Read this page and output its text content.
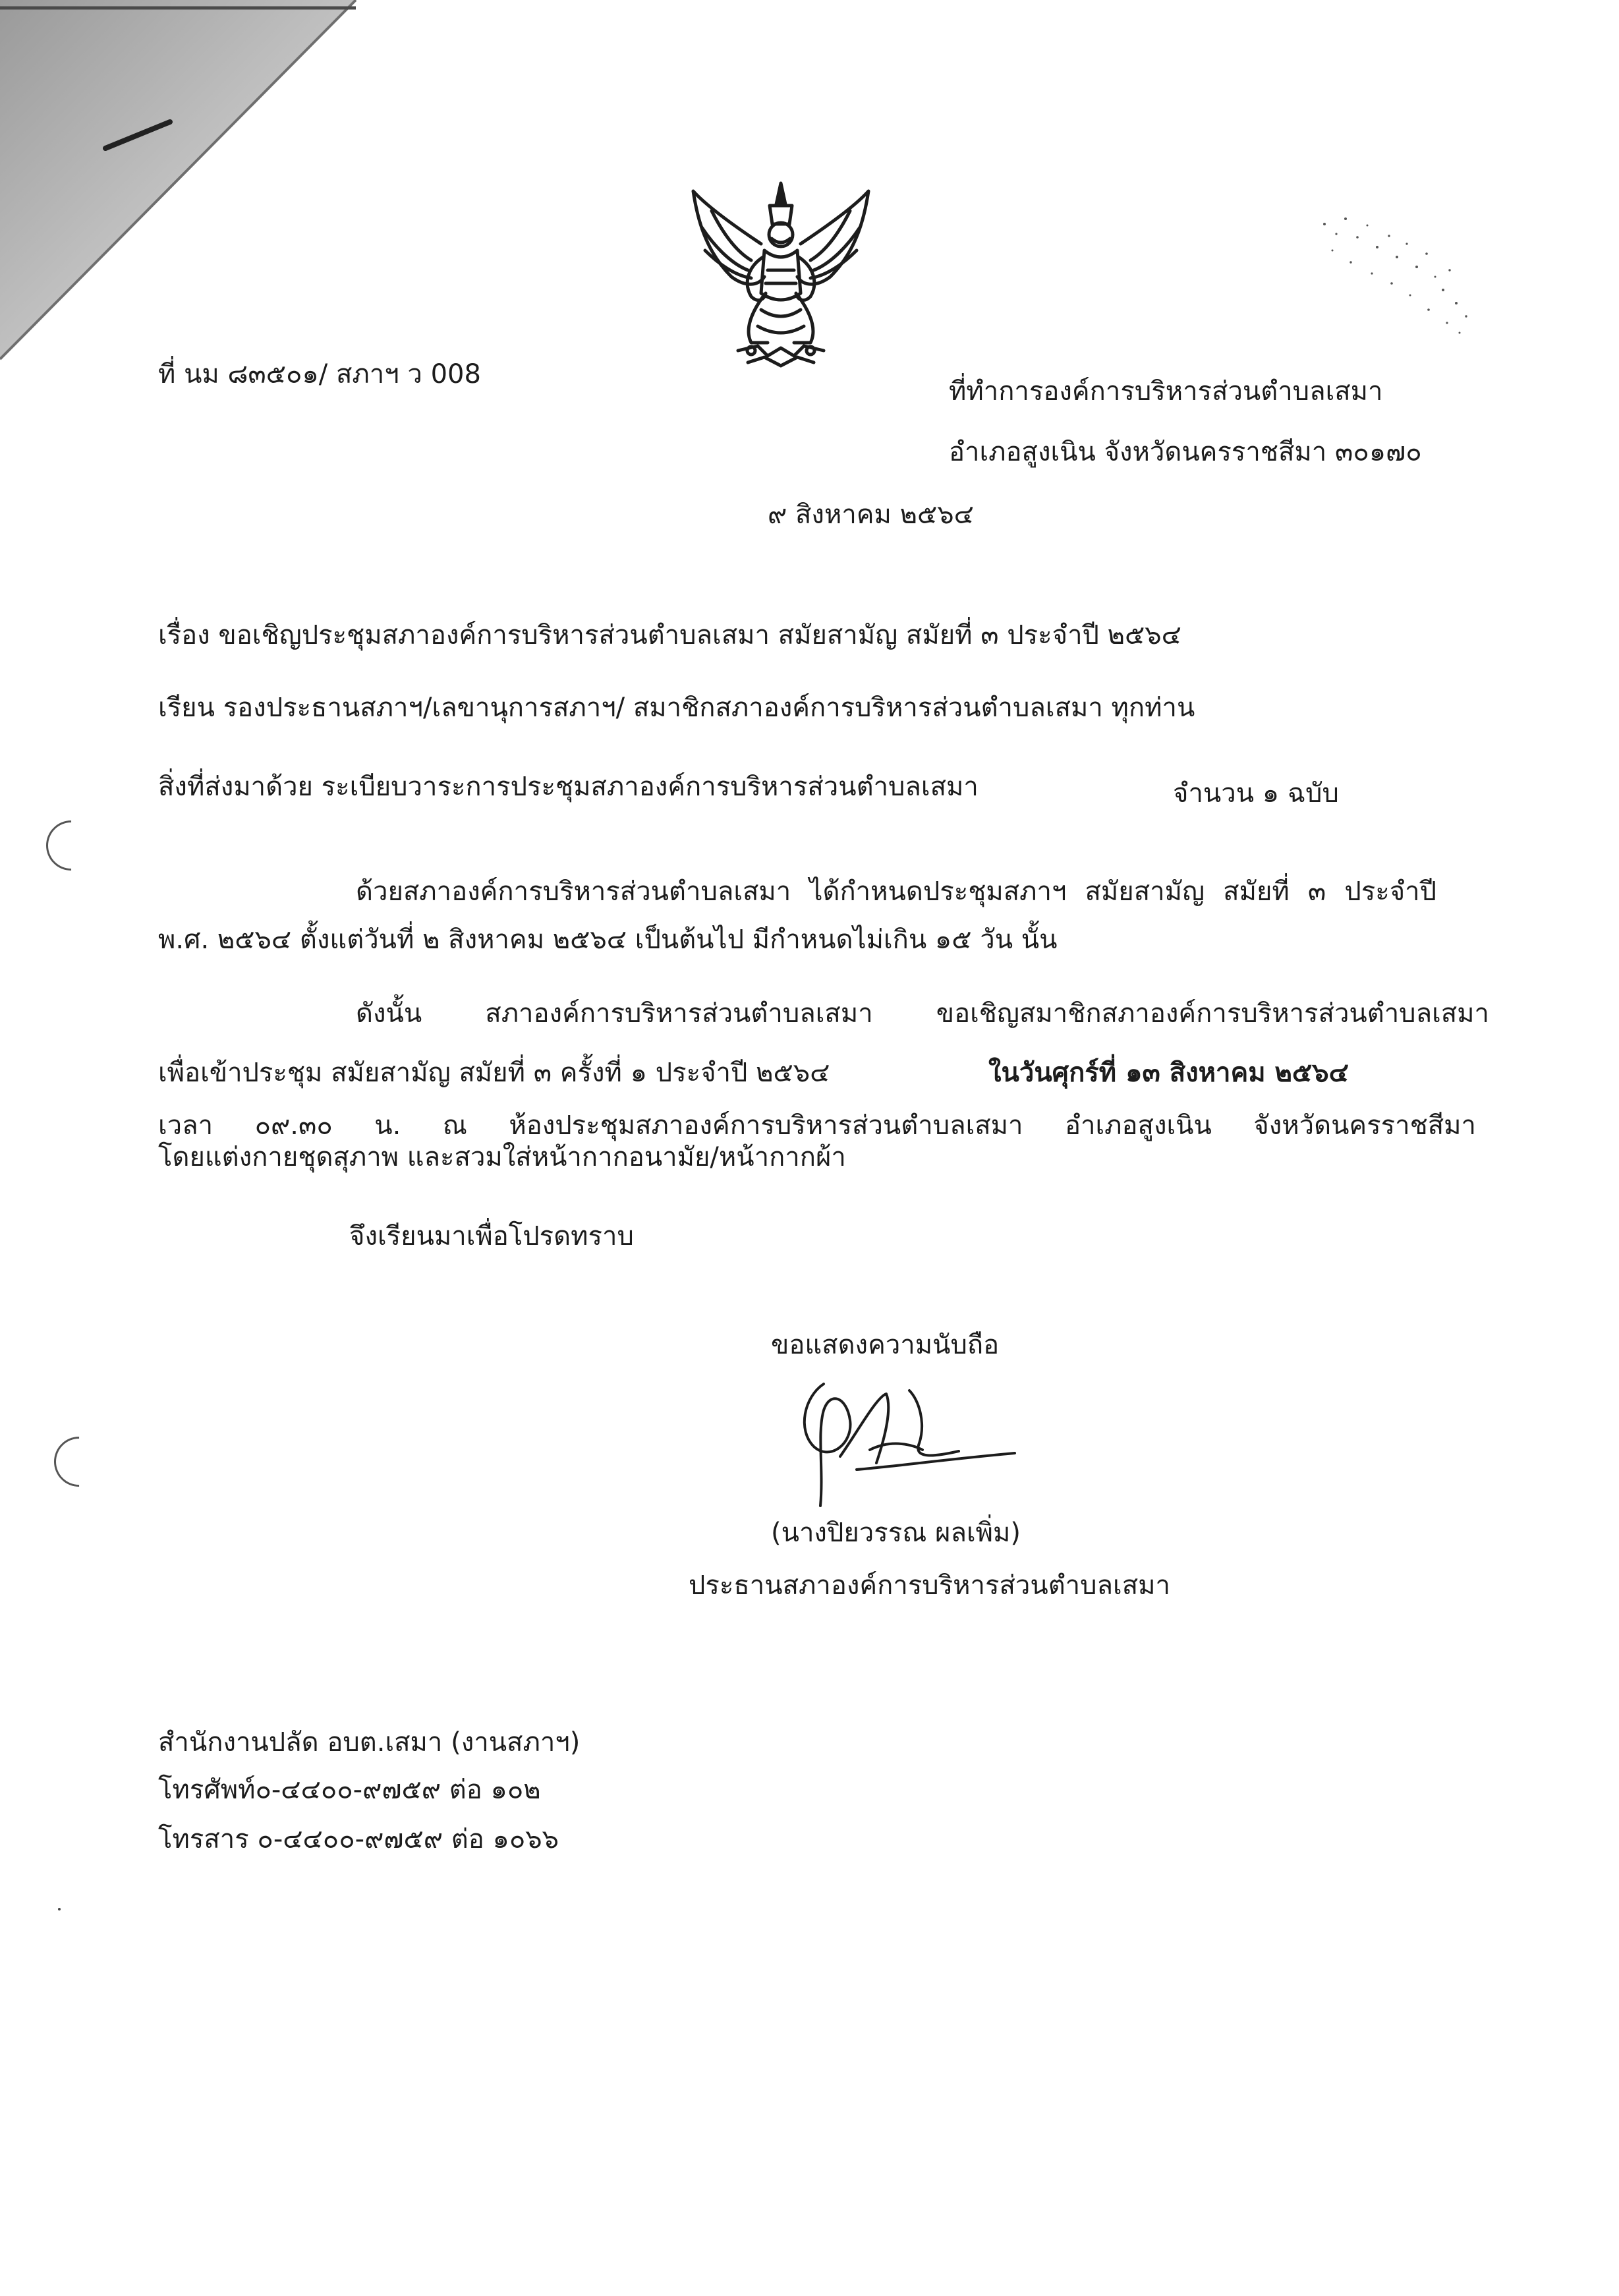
ที่ นม ๘๓๕๐๑/ สภาฯ ว 008
ที่ทำการองค์การบริหารส่วนตำบลเสมา
อำเภอสูงเนิน จังหวัดนครราชสีมา ๓๐๑๗๐
๙ สิงหาคม ๒๕๖๔
เรื่อง ขอเชิญประชุมสภาองค์การบริหารส่วนตำบลเสมา สมัยสามัญ สมัยที่ ๓ ประจำปี ๒๕๖๔
เรียน รองประธานสภาฯ/เลขานุการสภาฯ/ สมาชิกสภาองค์การบริหารส่วนตำบลเสมา ทุกท่าน
สิ่งที่ส่งมาด้วย ระเบียบวาระการประชุมสภาองค์การบริหารส่วนตำบลเสมา	จำนวน ๑ ฉบับ
ด้วยสภาองค์การบริหารส่วนตำบลเสมา ได้กำหนดประชุมสภาฯ สมัยสามัญ สมัยที่ ๓ ประจำปี
พ.ศ. ๒๕๖๔ ตั้งแต่วันที่ ๒ สิงหาคม ๒๕๖๔ เป็นต้นไป มีกำหนดไม่เกิน ๑๕ วัน นั้น
ดังนั้น สภาองค์การบริหารส่วนตำบลเสมา ขอเชิญสมาชิกสภาองค์การบริหารส่วนตำบลเสมา
เพื่อเข้าประชุม สมัยสามัญ สมัยที่ ๓ ครั้งที่ ๑ ประจำปี ๒๕๖๔	ในวันศุกร์ที่ ๑๓ สิงหาคม ๒๕๖๔
เวลา ๐๙.๓๐ น. ณ ห้องประชุมสภาองค์การบริหารส่วนตำบลเสมา อำเภอสูงเนิน จังหวัดนครราชสีมา
โดยแต่งกายชุดสุภาพ และสวมใส่หน้ากากอนามัย/หน้ากากผ้า
จึงเรียนมาเพื่อโปรดทราบ
ขอแสดงความนับถือ
(นางปิยวรรณ ผลเพิ่ม)
ประธานสภาองค์การบริหารส่วนตำบลเสมา
สำนักงานปลัด อบต.เสมา (งานสภาฯ)
โทรศัพท์๐-๔๔๐๐-๙๗๕๙ ต่อ ๑๐๒
โทรสาร ๐-๔๔๐๐-๙๗๕๙ ต่อ ๑๐๖๖
